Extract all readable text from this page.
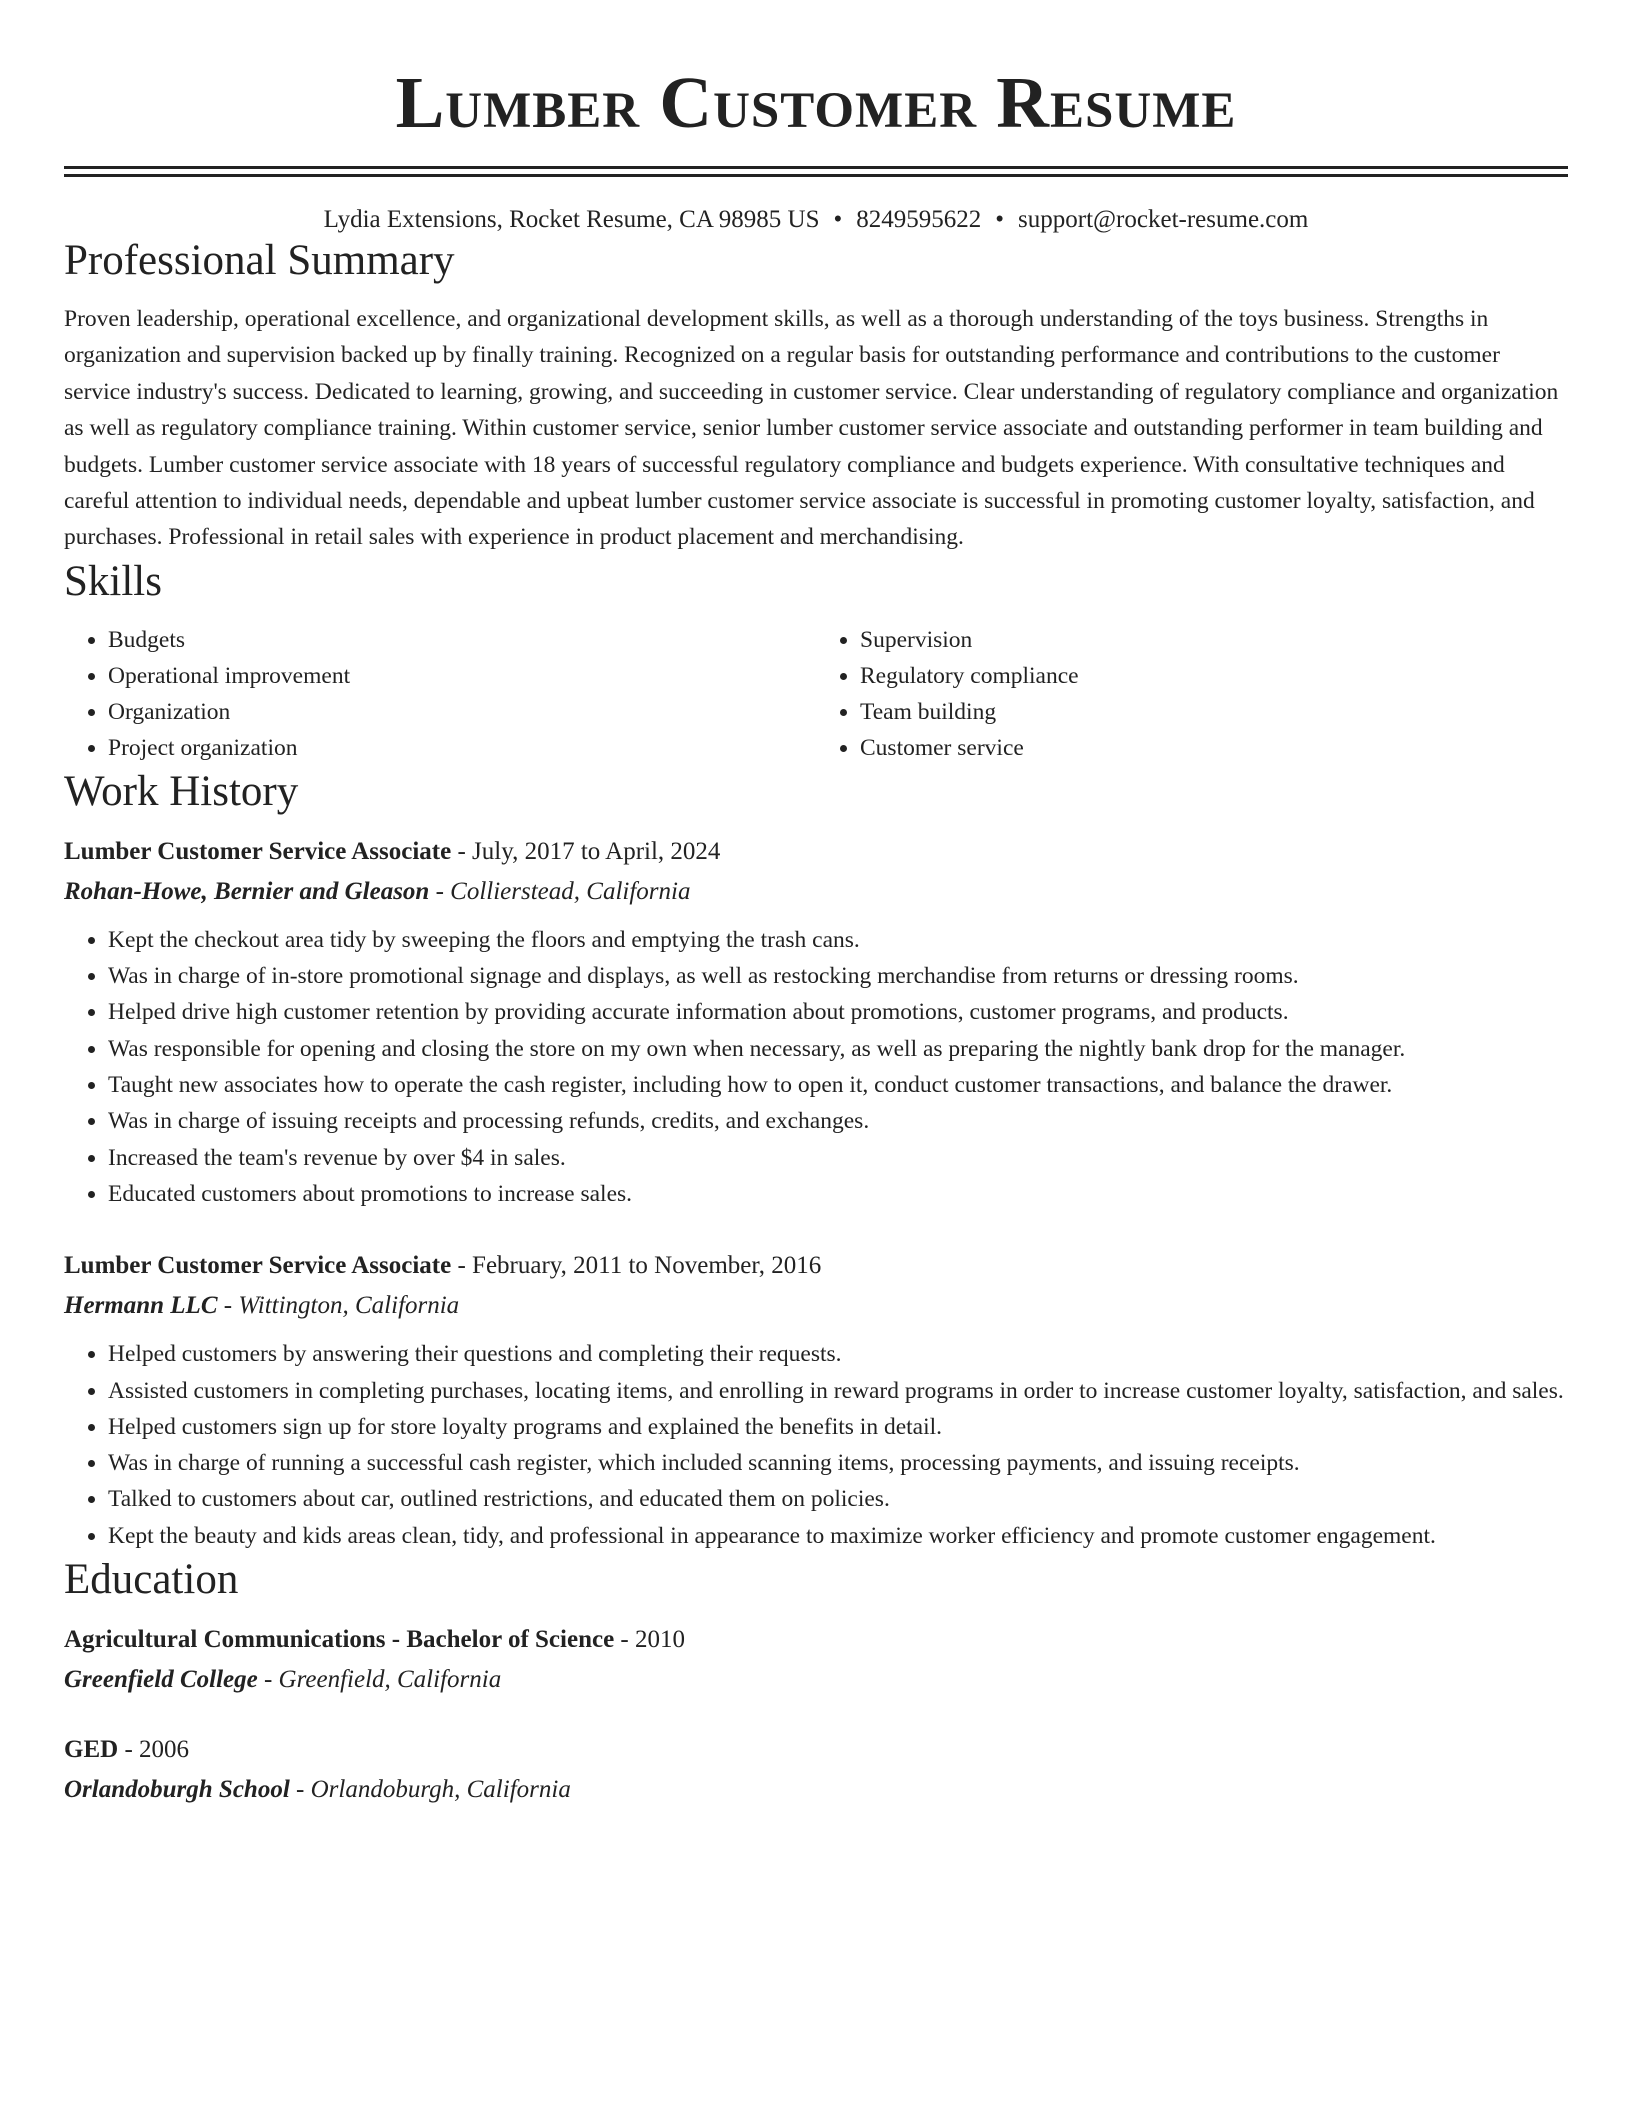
Lumber Customer Resume
Lydia Extensions, Rocket Resume, CA 98985 US • 8249595622 • support@rocket-resume.com
Professional Summary

Proven leadership, operational excellence, and organizational development skills, as well as a thorough understanding of the toys business. Strengths in organization and supervision backed up by finally training. Recognized on a regular basis for outstanding performance and contributions to the customer service industry's success. Dedicated to learning, growing, and succeeding in customer service. Clear understanding of regulatory compliance and organization as well as regulatory compliance training. Within customer service, senior lumber customer service associate and outstanding performer in team building and budgets. Lumber customer service associate with 18 years of successful regulatory compliance and budgets experience. With consultative techniques and careful attention to individual needs, dependable and upbeat lumber customer service associate is successful in promoting customer loyalty, satisfaction, and purchases. Professional in retail sales with experience in product placement and merchandising.

Skills
• Budgets
• Operational improvement
• Organization
• Project organization
• Supervision
• Regulatory compliance
• Team building
• Customer service
Work History
Lumber Customer Service Associate - July, 2017 to April, 2024
Rohan-Howe, Bernier and Gleason - Collierstead, California
• Kept the checkout area tidy by sweeping the floors and emptying the trash cans.
• Was in charge of in-store promotional signage and displays, as well as restocking merchandise from returns or dressing rooms.
• Helped drive high customer retention by providing accurate information about promotions, customer programs, and products.
• Was responsible for opening and closing the store on my own when necessary, as well as preparing the nightly bank drop for the manager.
• Taught new associates how to operate the cash register, including how to open it, conduct customer transactions, and balance the drawer.
• Was in charge of issuing receipts and processing refunds, credits, and exchanges.
• Increased the team's revenue by over $4 in sales.
• Educated customers about promotions to increase sales.
Lumber Customer Service Associate - February, 2011 to November, 2016
Hermann LLC - Wittington, California
• Helped customers by answering their questions and completing their requests.
• Assisted customers in completing purchases, locating items, and enrolling in reward programs in order to increase customer loyalty, satisfaction, and sales.
• Helped customers sign up for store loyalty programs and explained the benefits in detail.
• Was in charge of running a successful cash register, which included scanning items, processing payments, and issuing receipts.
• Talked to customers about car, outlined restrictions, and educated them on policies.
• Kept the beauty and kids areas clean, tidy, and professional in appearance to maximize worker efficiency and promote customer engagement.
Education
Agricultural Communications - Bachelor of Science - 2010
Greenfield College - Greenfield, California
GED - 2006
Orlandoburgh School - Orlandoburgh, California
